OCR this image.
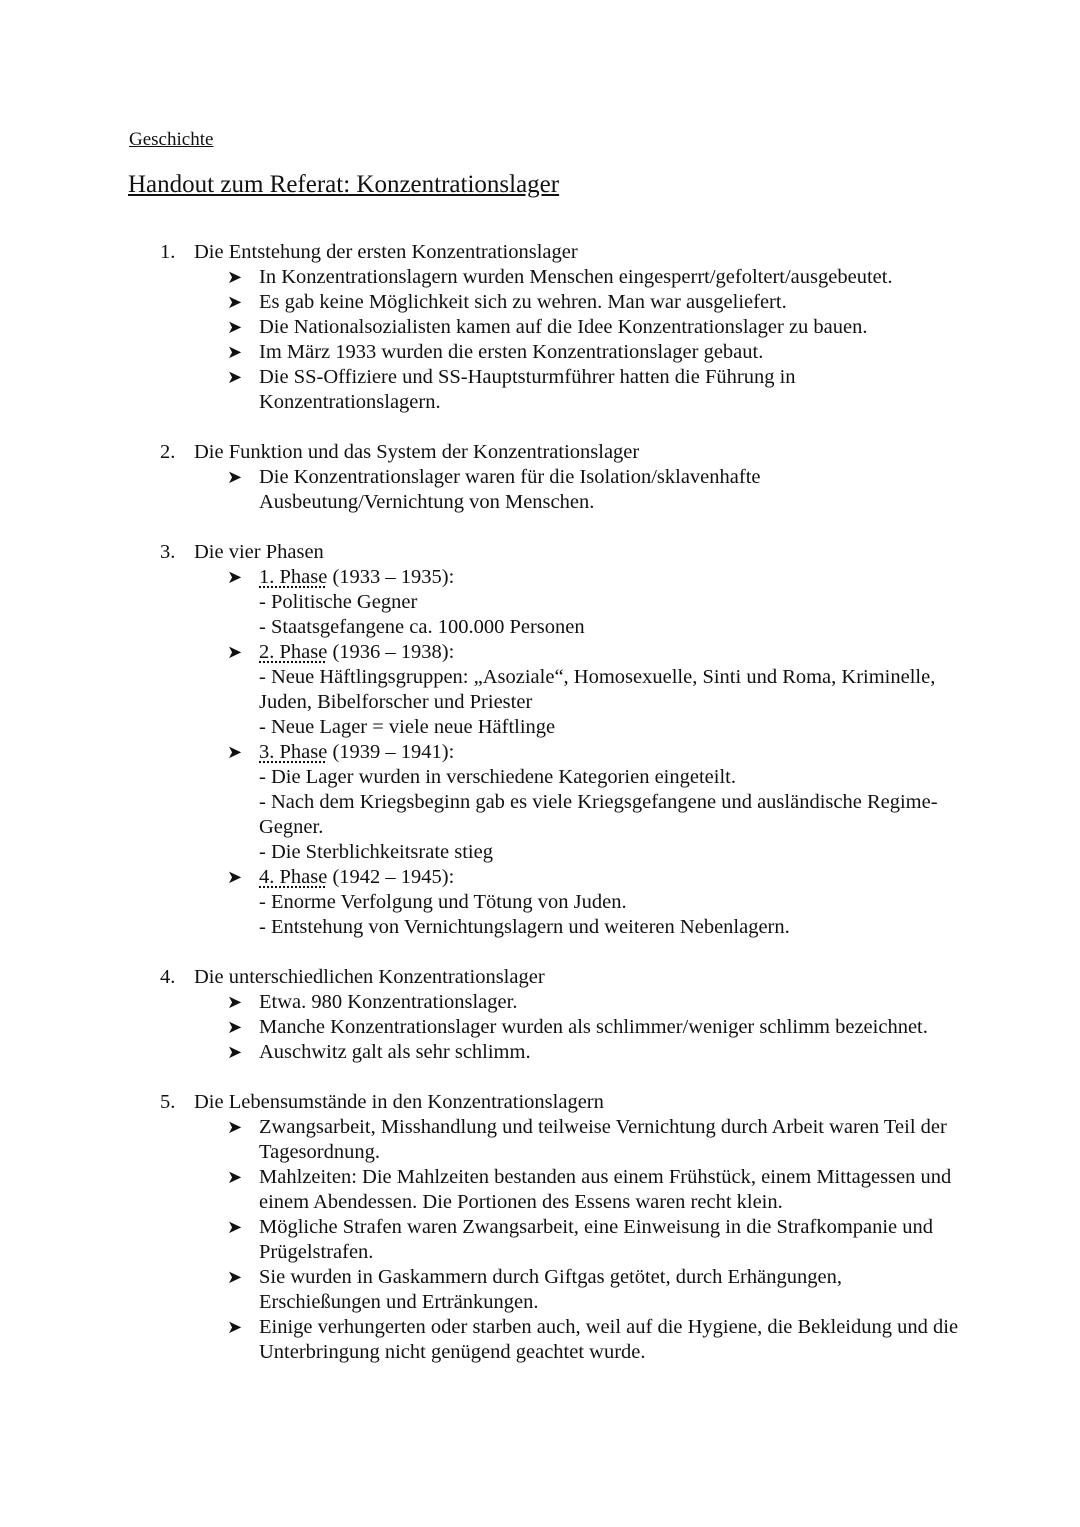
Geschichte
Handout zum Referat: Konzentrationslager
1. Die Entstehung der ersten Konzentrationslager
➤ In Konzentrationslagern wurden Menschen eingesperrt/gefoltert/ausgebeutet.
➤ Es gab keine Möglichkeit sich zu wehren. Man war ausgeliefert.
➤ Die Nationalsozialisten kamen auf die Idee Konzentrationslager zu bauen.
➤ Im März 1933 wurden die ersten Konzentrationslager gebaut.
➤ Die SS-Offiziere und SS-Hauptsturmführer hatten die Führung in Konzentrationslagern.
2. Die Funktion und das System der Konzentrationslager
➤ Die Konzentrationslager waren für die Isolation/sklavenhafte Ausbeutung/Vernichtung von Menschen.
3. Die vier Phasen
➤ 1. Phase (1933 – 1935):
- Politische Gegner
- Staatsgefangene ca. 100.000 Personen
➤ 2. Phase (1936 – 1938):
- Neue Häftlingsgruppen: „Asoziale“, Homosexuelle, Sinti und Roma, Kriminelle, Juden, Bibelforscher und Priester
- Neue Lager = viele neue Häftlinge
➤ 3. Phase (1939 – 1941):
- Die Lager wurden in verschiedene Kategorien eingeteilt.
- Nach dem Kriegsbeginn gab es viele Kriegsgefangene und ausländische Regime-Gegner.
- Die Sterblichkeitsrate stieg
➤ 4. Phase (1942 – 1945):
- Enorme Verfolgung und Tötung von Juden.
- Entstehung von Vernichtungslagern und weiteren Nebenlagern.
4. Die unterschiedlichen Konzentrationslager
➤ Etwa. 980 Konzentrationslager.
➤ Manche Konzentrationslager wurden als schlimmer/weniger schlimm bezeichnet.
➤ Auschwitz galt als sehr schlimm.
5. Die Lebensumstände in den Konzentrationslagern
➤ Zwangsarbeit, Misshandlung und teilweise Vernichtung durch Arbeit waren Teil der Tagesordnung.
➤ Mahlzeiten: Die Mahlzeiten bestanden aus einem Frühstück, einem Mittagessen und einem Abendessen. Die Portionen des Essens waren recht klein.
➤ Mögliche Strafen waren Zwangsarbeit, eine Einweisung in die Strafkompanie und Prügelstrafen.
➤ Sie wurden in Gaskammern durch Giftgas getötet, durch Erhängungen, Erschießungen und Ertränkungen.
➤ Einige verhungerten oder starben auch, weil auf die Hygiene, die Bekleidung und die Unterbringung nicht genügend geachtet wurde.
